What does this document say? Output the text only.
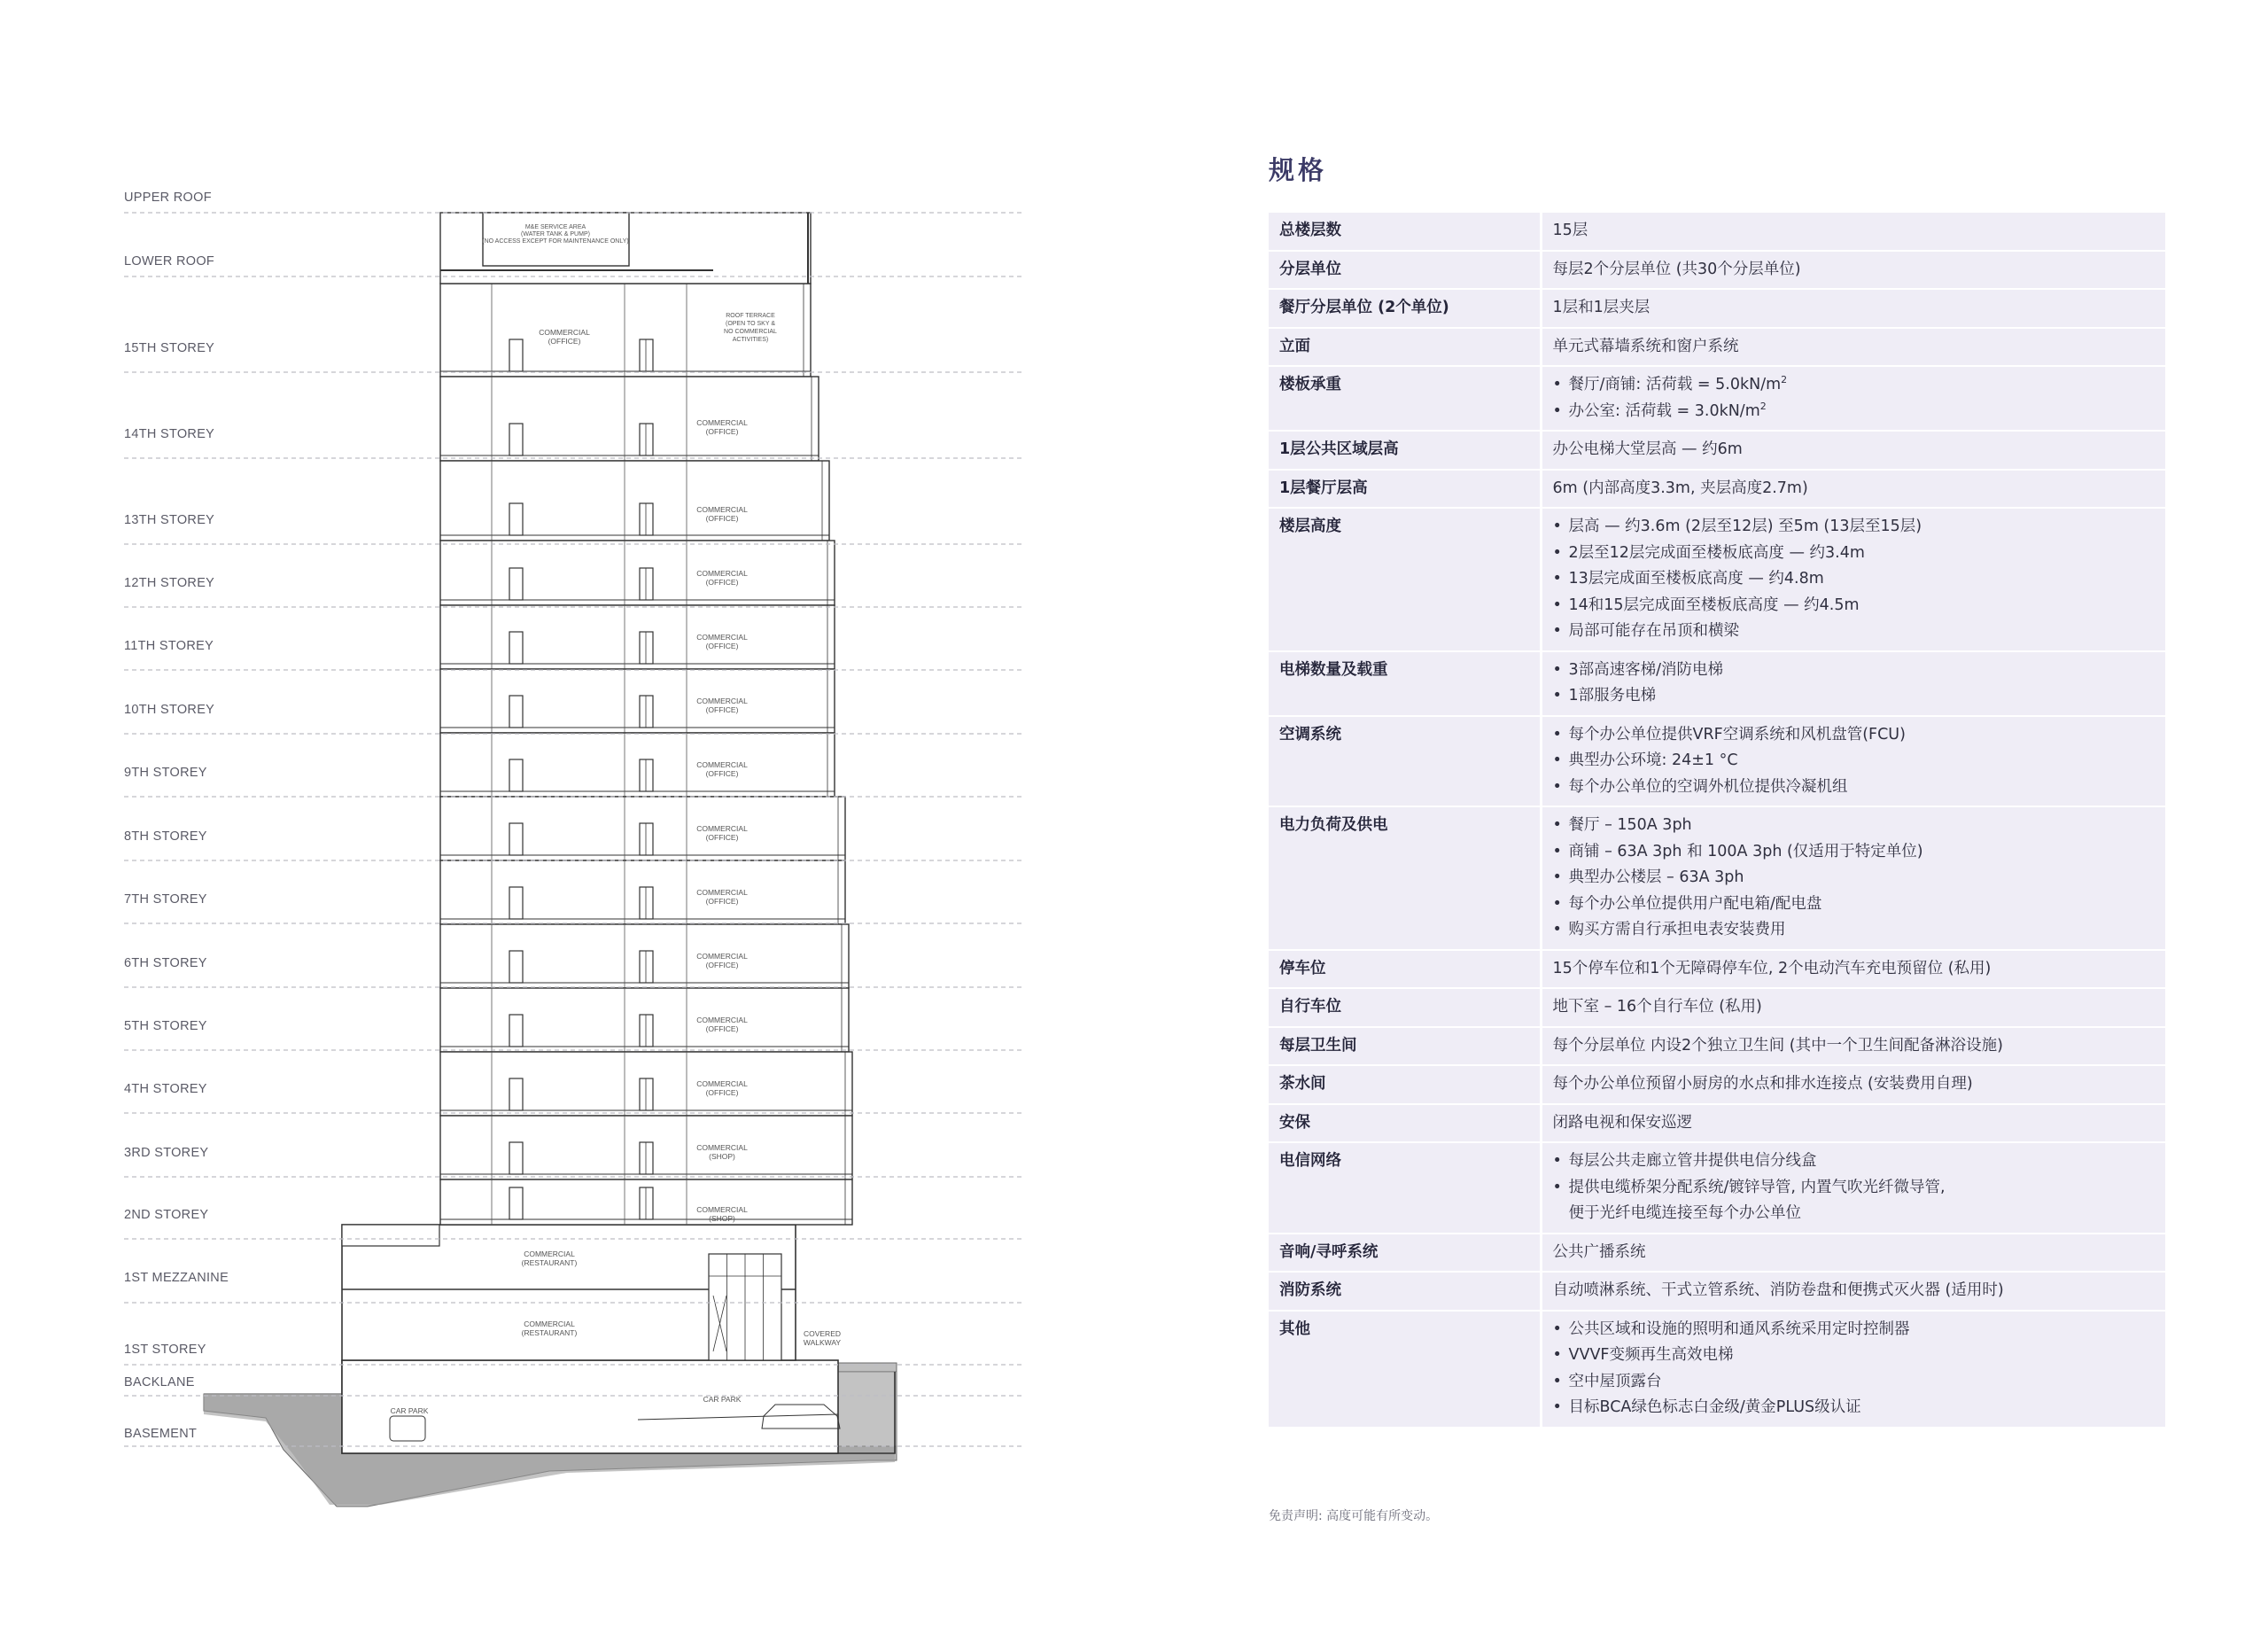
UPPER ROOF
LOWER ROOF
15TH STOREY
14TH STOREY
13TH STOREY
12TH STOREY
11TH STOREY
10TH STOREY
9TH STOREY
8TH STOREY
7TH STOREY
6TH STOREY
5TH STOREY
4TH STOREY
3RD STOREY
2ND STOREY
1ST MEZZANINE
1ST STOREY
BACKLANE
BASEMENT
M&E SERVICE AREA
(WATER TANK & PUMP)
(NO ACCESS EXCEPT FOR MAINTENANCE ONLY)
ROOF TERRACE
(OPEN TO SKY &
NO COMMERCIAL
ACTIVITIES)
COMMERCIAL
(OFFICE)
COMMERCIAL
(OFFICE)
COMMERCIAL
(OFFICE)
COMMERCIAL
(OFFICE)
COMMERCIAL
(OFFICE)
COMMERCIAL
(OFFICE)
COMMERCIAL
(OFFICE)
COMMERCIAL
(OFFICE)
COMMERCIAL
(OFFICE)
COMMERCIAL
(OFFICE)
COMMERCIAL
(OFFICE)
COMMERCIAL
(OFFICE)
COMMERCIAL
(SHOP)
COMMERCIAL
(SHOP)
COMMERCIAL
(RESTAURANT)
COMMERCIAL
(RESTAURANT)
CAR PARK
CAR PARK
COVERED
WALKWAY
规格
总楼层数	15层

分层单位	每层2个分层单位 (共30个分层单位)

餐厅分层单位 (2个单位)	1层和1层夹层

立面	单元式幕墙系统和窗户系统

楼板承重	• 餐厅/商铺: 活荷载 = $5.0kN/m^2$
• 办公室: 活荷载 = $3.0kN/m^2$

1层公共区域层高	办公电梯大堂层高 — 约6m

1层餐厅层高	6m (内部高度3.3m, 夹层高度2.7m)

楼层高度	• 层高 — 约3.6m (2层至12层) 至5m (13层至15层)
• 2层至12层完成面至楼板底高度 — 约3.4m
• 13层完成面至楼板底高度 — 约4.8m
• 14和15层完成面至楼板底高度 — 约4.5m
• 局部可能存在吊顶和横梁

电梯数量及载重	• 3部高速客梯/消防电梯
• 1部服务电梯

空调系统	• 每个办公单位提供VRF空调系统和风机盘管(FCU)
• 典型办公环境: 24±1 °C
• 每个办公单位的空调外机位提供冷凝机组

电力负荷及供电	• 餐厅 – 150A 3ph
• 商铺 – 63A 3ph 和 100A 3ph (仅适用于特定单位)
• 典型办公楼层 – 63A 3ph
• 每个办公单位提供用户配电箱/配电盘
• 购买方需自行承担电表安装费用

停车位	15个停车位和1个无障碍停车位, 2个电动汽车充电预留位 (私用)

自行车位	地下室 – 16个自行车位 (私用)

每层卫生间	每个分层单位 内设2个独立卫生间 (其中一个卫生间配备淋浴设施)

茶水间	每个办公单位预留小厨房的水点和排水连接点 (安装费用自理)

安保	闭路电视和保安巡逻

电信网络	• 每层公共走廊立管井提供电信分线盒
• 提供电缆桥架分配系统/镀锌导管, 内置气吹光纤微导管,
便于光纤电缆连接至每个办公单位

音响/寻呼系统	公共广播系统

消防系统	自动喷淋系统、干式立管系统、消防卷盘和便携式灭火器 (适用时)

其他	• 公共区域和设施的照明和通风系统采用定时控制器
• VVVF变频再生高效电梯
• 空中屋顶露台
• 目标BCA绿色标志白金级/黄金PLUS级认证
免责声明: 高度可能有所变动。
